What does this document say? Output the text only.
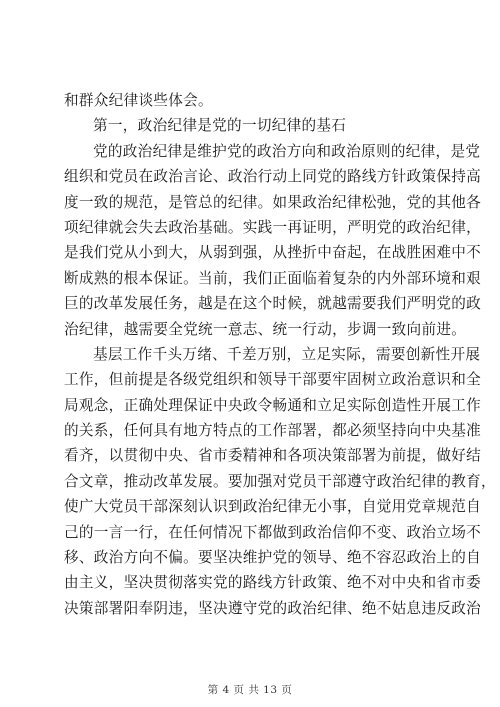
和群众纪律谈些体会。
第一，政治纪律是党的一切纪律的基石
党的政治纪律是维护党的政治方向和政治原则的纪律，是党
组织和党员在政治言论、政治行动上同党的路线方针政策保持高
度一致的规范，是管总的纪律。如果政治纪律松弛，党的其他各
项纪律就会失去政治基础。实践一再证明，严明党的政治纪律，
是我们党从小到大，从弱到强，从挫折中奋起，在战胜困难中不
断成熟的根本保证。当前，我们正面临着复杂的内外部环境和艰
巨的改革发展任务，越是在这个时候，就越需要我们严明党的政
治纪律，越需要全党统一意志、统一行动，步调一致向前进。
基层工作千头万绪、千差万别，立足实际，需要创新性开展
工作，但前提是各级党组织和领导干部要牢固树立政治意识和全
局观念，正确处理保证中央政令畅通和立足实际创造性开展工作
的关系，任何具有地方特点的工作部署，都必须坚持向中央基准
看齐，以贯彻中央、省市委精神和各项决策部署为前提，做好结
合文章，推动改革发展。要加强对党员干部遵守政治纪律的教育，
使广大党员干部深刻认识到政治纪律无小事，自觉用党章规范自
己的一言一行，在任何情况下都做到政治信仰不变、政治立场不
移、政治方向不偏。要坚决维护党的领导、绝不容忍政治上的自
由主义，坚决贯彻落实党的路线方针政策、绝不对中央和省市委
决策部署阳奉阴违，坚决遵守党的政治纪律、绝不姑息违反政治
第 4 页 共 13 页
